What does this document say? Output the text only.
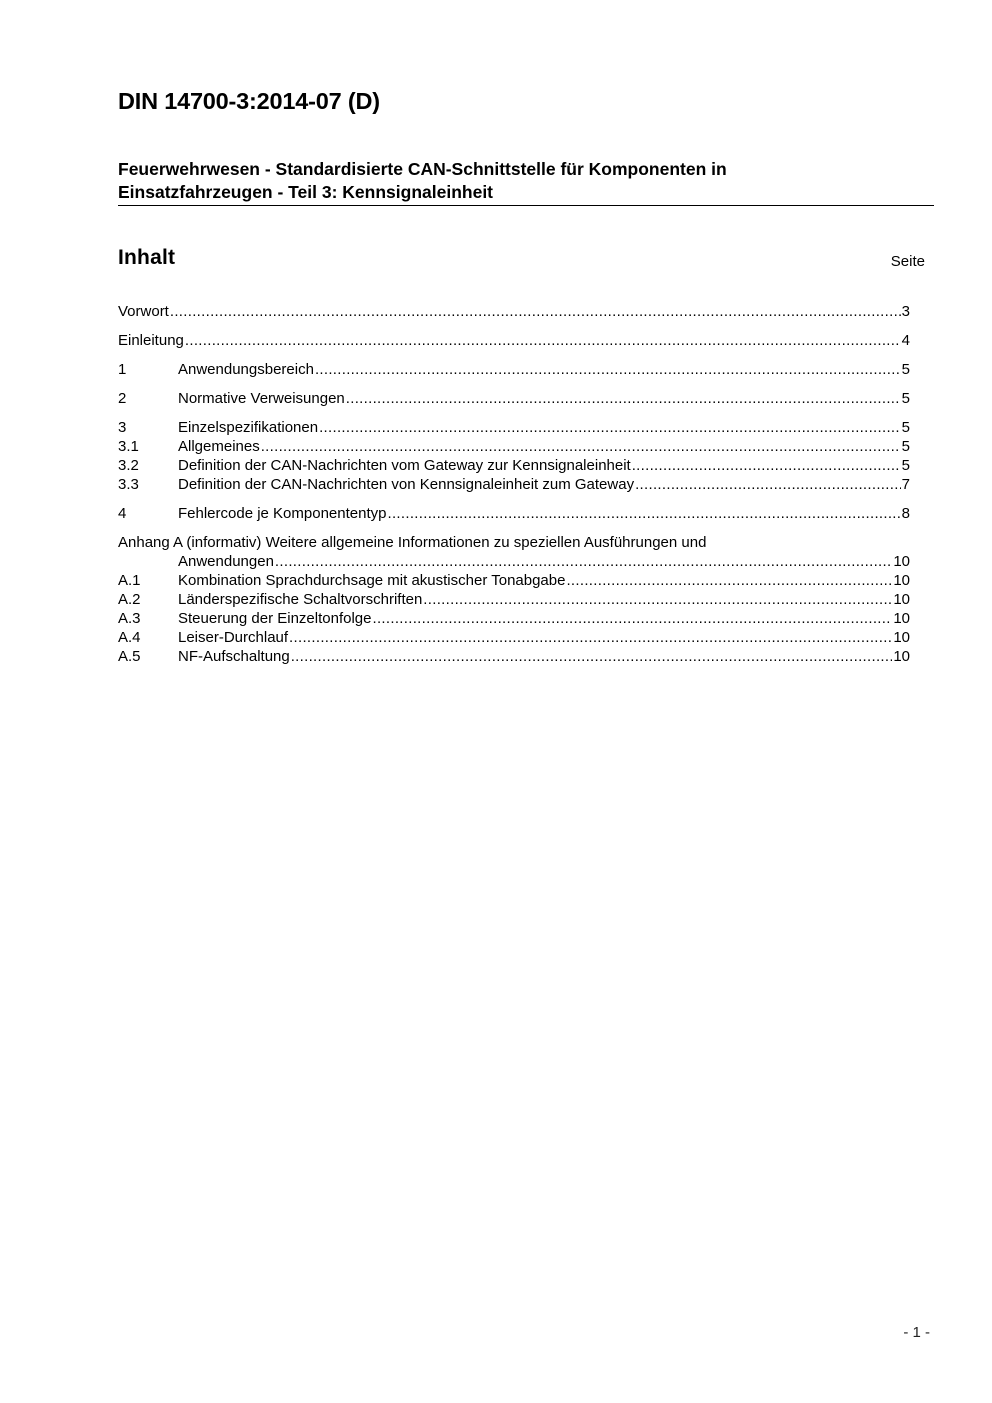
DIN 14700-3:2014-07 (D)
Feuerwehrwesen - Standardisierte CAN-Schnittstelle für Komponenten in Einsatzfahrzeugen - Teil 3: Kennsignaleinheit
Inhalt	Seite
Vorwort .....	3
Einleitung .....	4
1	Anwendungsbereich .....	5
2	Normative Verweisungen .....	5
3	Einzelspezifikationen .....	5
3.1	Allgemeines .....	5
3.2	Definition der CAN-Nachrichten vom Gateway zur Kennsignaleinheit .....	5
3.3	Definition der CAN-Nachrichten von Kennsignaleinheit zum Gateway .....	7
4	Fehlercode je Komponententyp .....	8
Anhang A (informativ) Weitere allgemeine Informationen zu speziellen Ausführungen und
Anwendungen .....	10
A.1	Kombination Sprachdurchsage mit akustischer Tonabgabe .....	10
A.2	Länderspezifische Schaltvorschriften .....	10
A.3	Steuerung der Einzeltonfolge .....	10
A.4	Leiser-Durchlauf .....	10
A.5	NF-Aufschaltung .....	10
- 1 -
